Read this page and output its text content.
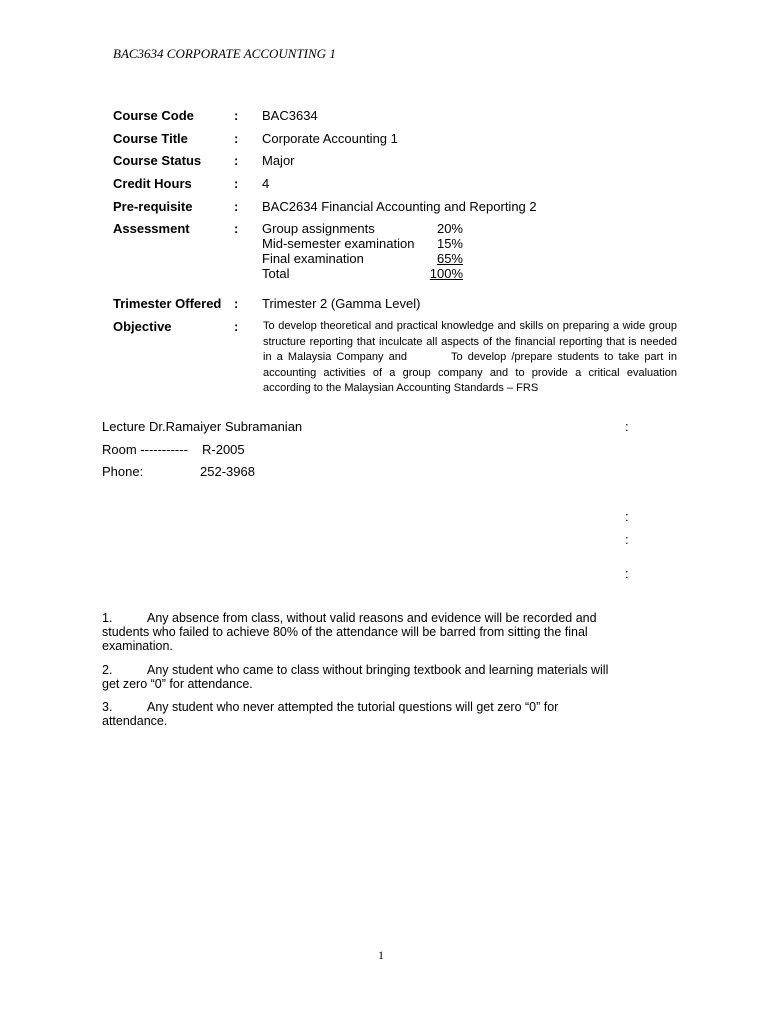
BAC3634 CORPORATE ACCOUNTING 1
Course Code	: BAC3634
Course Title	: Corporate Accounting 1
Course Status	: Major
Credit Hours	: 4
Pre-requisite	: BAC2634 Financial Accounting and Reporting 2
Assessment	: Group assignments	20%
Mid-semester examination	15%
Final examination	65%
Total	100%
Trimester Offered : Trimester 2 (Gamma Level)
Objective	: To develop theoretical and practical knowledge and skills on preparing a wide group structure reporting that inculcate all aspects of the financial reporting that is needed in a Malaysia Company and	To develop /prepare students to take part in accounting activities of a group company and to provide a critical evaluation according to the Malaysian Accounting Standards – FRS
Lecture Dr.Ramaiyer Subramanian	:
Room ----------- R-2005
Phone:	252-3968
:
:
:
1.	Any absence from class, without valid reasons and evidence will be recorded and students who failed to achieve 80% of the attendance will be barred from sitting the final examination.
2.	Any student who came to class without bringing textbook and learning materials will get zero “0” for attendance.
3.	Any student who never attempted the tutorial questions will get zero “0” for attendance.
1
